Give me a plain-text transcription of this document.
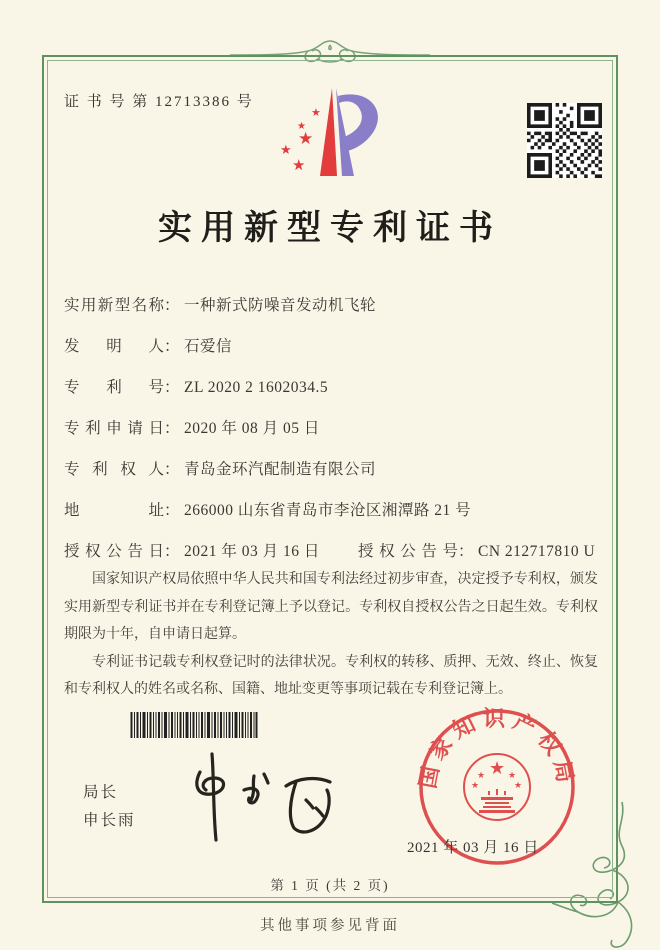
证 书 号 第 12713386 号
★
★
★
★
★
实用新型专利证书
实用新型名称： 一种新式防噪音发动机飞轮
发明人： 石爱信
专利号： ZL 2020 2 1602034.5
专利申请日： 2020 年 08 月 05 日
专利权人： 青岛金环汽配制造有限公司
地址： 266000 山东省青岛市李沧区湘潭路 21 号
授权公告日： 2021 年 03 月 16 日	授权公告号： CN 212717810 U

国家知识产权局依照中华人民共和国专利法经过初步审查，决定授予专利权，颁发实用新型专利证书并在专利登记簿上予以登记。专利权自授权公告之日起生效。专利权期限为十年，自申请日起算。

专利证书记载专利权登记时的法律状况。专利权的转移、质押、无效、终止、恢复和专利权人的姓名或名称、国籍、地址变更等事项记载在专利登记簿上。

局长
申长雨
国家知识产权局
★
★	★
★	★
2021 年 03 月 16 日
第 1 页 (共 2 页)
其他事项参见背面
